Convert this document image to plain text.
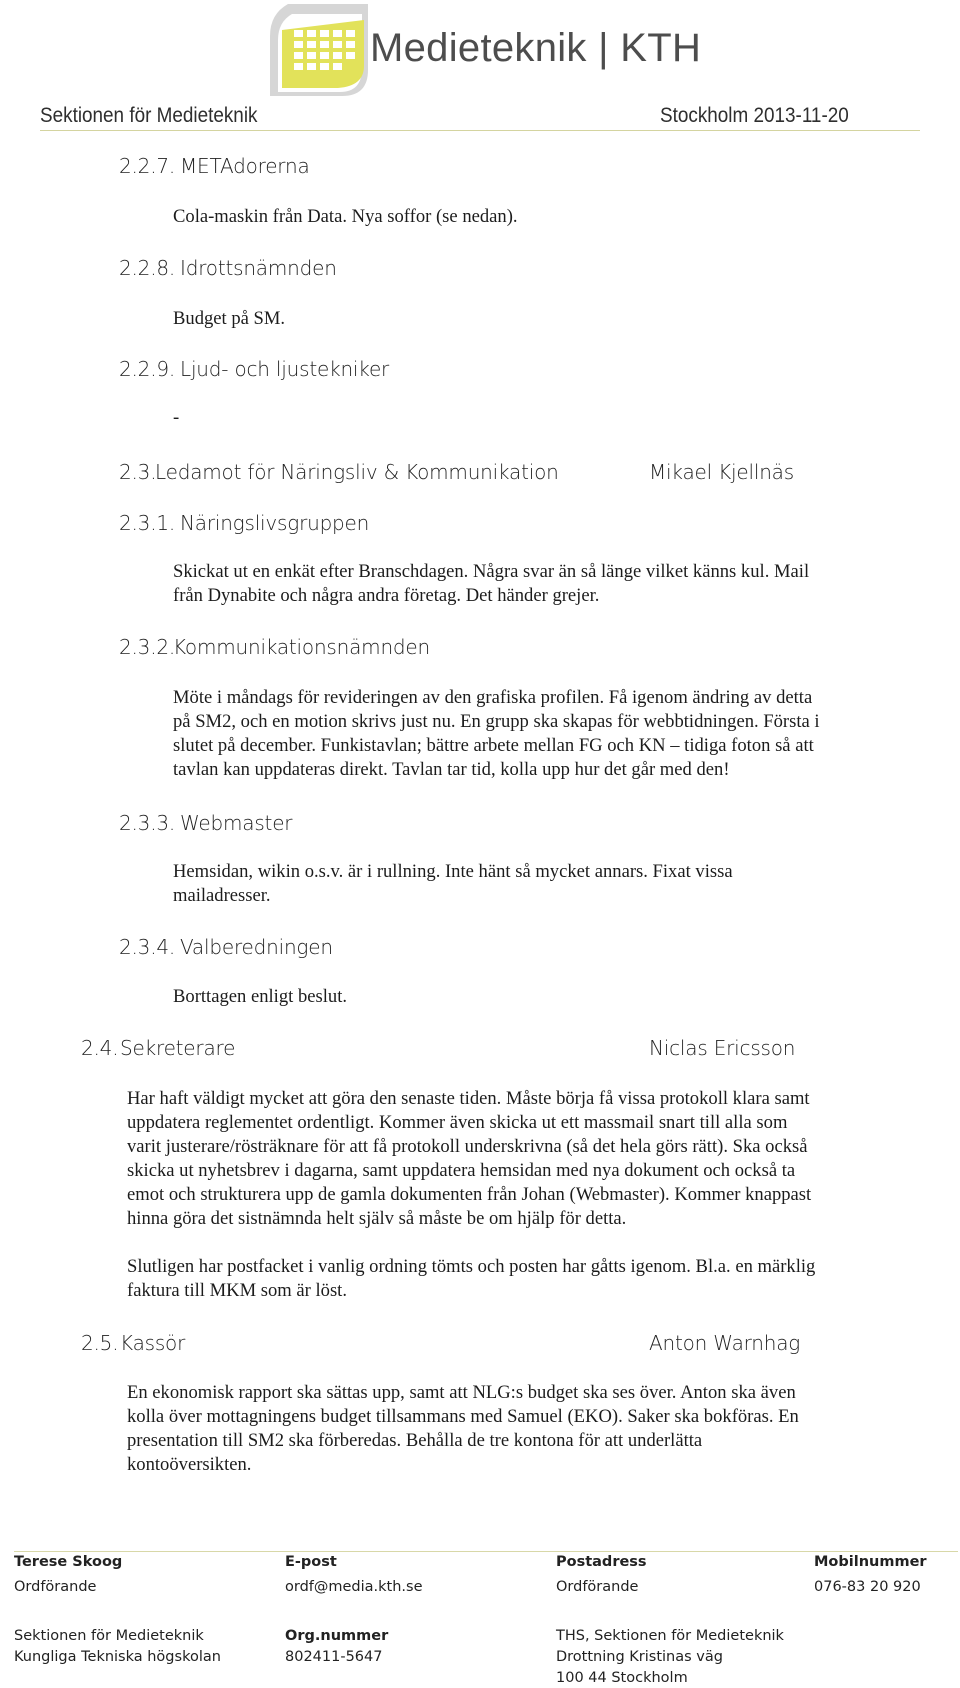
Medieteknik | KTH
Sektionen för Medieteknik	Stockholm 2013-11-20
2.2.7. METAdorerna
Cola-maskin från Data. Nya soffor (se nedan).
2.2.8. Idrottsnämnden
Budget på SM.
2.2.9. Ljud- och ljustekniker
-
2.3.
Ledamot för Näringsliv & Kommunikation	Mikael Kjellnäs
2.3.1. Näringslivsgruppen
Skickat ut en enkät efter Branschdagen. Några svar än så länge vilket känns kul. Mail
från Dynabite och några andra företag. Det händer grejer.
2.3.2.
Kommunikationsnämnden
Möte i måndags för revideringen av den grafiska profilen. Få igenom ändring av detta
på SM2, och en motion skrivs just nu. En grupp ska skapas för webbtidningen. Första i
slutet på december. Funkistavlan; bättre arbete mellan FG och KN – tidiga foton så att
tavlan kan uppdateras direkt. Tavlan tar tid, kolla upp hur det går med den!
2.3.3. Webmaster
Hemsidan, wikin o.s.v. är i rullning. Inte hänt så mycket annars. Fixat vissa
mailadresser.
2.3.4. Valberedningen
Borttagen enligt beslut.
2.4. Sekreterare	Niclas Ericsson
Har haft väldigt mycket att göra den senaste tiden. Måste börja få vissa protokoll klara samt
uppdatera reglementet ordentligt. Kommer även skicka ut ett massmail snart till alla som
varit justerare/rösträknare för att få protokoll underskrivna (så det hela görs rätt). Ska också
skicka ut nyhetsbrev i dagarna, samt uppdatera hemsidan med nya dokument och också ta
emot och strukturera upp de gamla dokumenten från Johan (Webmaster). Kommer knappast
hinna göra det sistnämnda helt själv så måste be om hjälp för detta.
Slutligen har postfacket i vanlig ordning tömts och posten har gåtts igenom. Bl.a. en märklig
faktura till MKM som är löst.
2.5. Kassör	Anton Warnhag
En ekonomisk rapport ska sättas upp, samt att NLG:s budget ska ses över. Anton ska även
kolla över mottagningens budget tillsammans med Samuel (EKO). Saker ska bokföras. En
presentation till SM2 ska förberedas. Behålla de tre kontona för att underlätta
kontoöversikten.
Terese Skoog	E-post	Postadress	Mobilnummer
Ordförande	ordf@media.kth.se	Ordförande	076-83 20 920
Sektionen för Medieteknik
Kungliga Tekniska högskolan
Org.nummer
802411-5647
THS, Sektionen för Medieteknik
Drottning Kristinas väg
100 44 Stockholm
